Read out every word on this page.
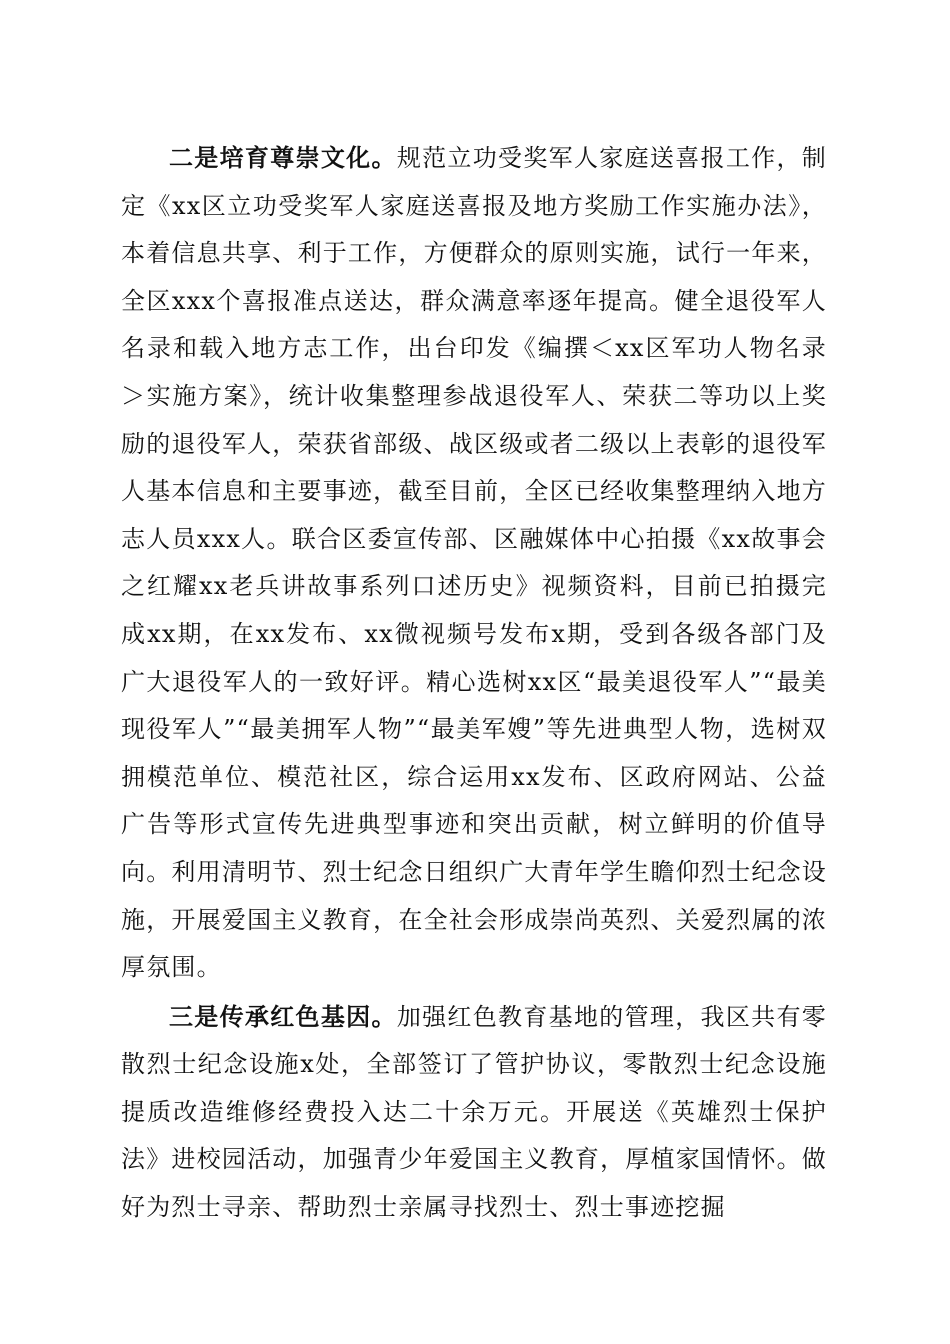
二是培育尊崇文化。规范立功受奖军人家庭送喜报工作，制定《xx区立功受奖军人家庭送喜报及地方奖励工作实施办法》，本着信息共享、利于工作，方便群众的原则实施，试行一年来，全区xxx个喜报准点送达，群众满意率逐年提高。健全退役军人名录和载入地方志工作，出台印发《编撰＜xx区军功人物名录＞实施方案》，统计收集整理参战退役军人、荣获二等功以上奖励的退役军人，荣获省部级、战区级或者二级以上表彰的退役军人基本信息和主要事迹，截至目前，全区已经收集整理纳入地方志人员xxx人。联合区委宣传部、区融媒体中心拍摄《xx故事会之红耀xx老兵讲故事系列口述历史》视频资料，目前已拍摄完成xx期，在xx发布、xx微视频号发布x期，受到各级各部门及广大退役军人的一致好评。精心选树xx区“最美退役军人”“最美现役军人”“最美拥军人物”“最美军嫂”等先进典型人物，选树双拥模范单位、模范社区，综合运用xx发布、区政府网站、公益广告等形式宣传先进典型事迹和突出贡献，树立鲜明的价值导向。利用清明节、烈士纪念日组织广大青年学生瞻仰烈士纪念设施，开展爱国主义教育，在全社会形成崇尚英烈、关爱烈属的浓厚氛围。

三是传承红色基因。加强红色教育基地的管理，我区共有零散烈士纪念设施x处，全部签订了管护协议，零散烈士纪念设施提质改造维修经费投入达二十余万元。开展送《英雄烈士保护法》进校园活动，加强青少年爱国主义教育，厚植家国情怀。做好为烈士寻亲、帮助烈士亲属寻找烈士、烈士事迹挖掘
